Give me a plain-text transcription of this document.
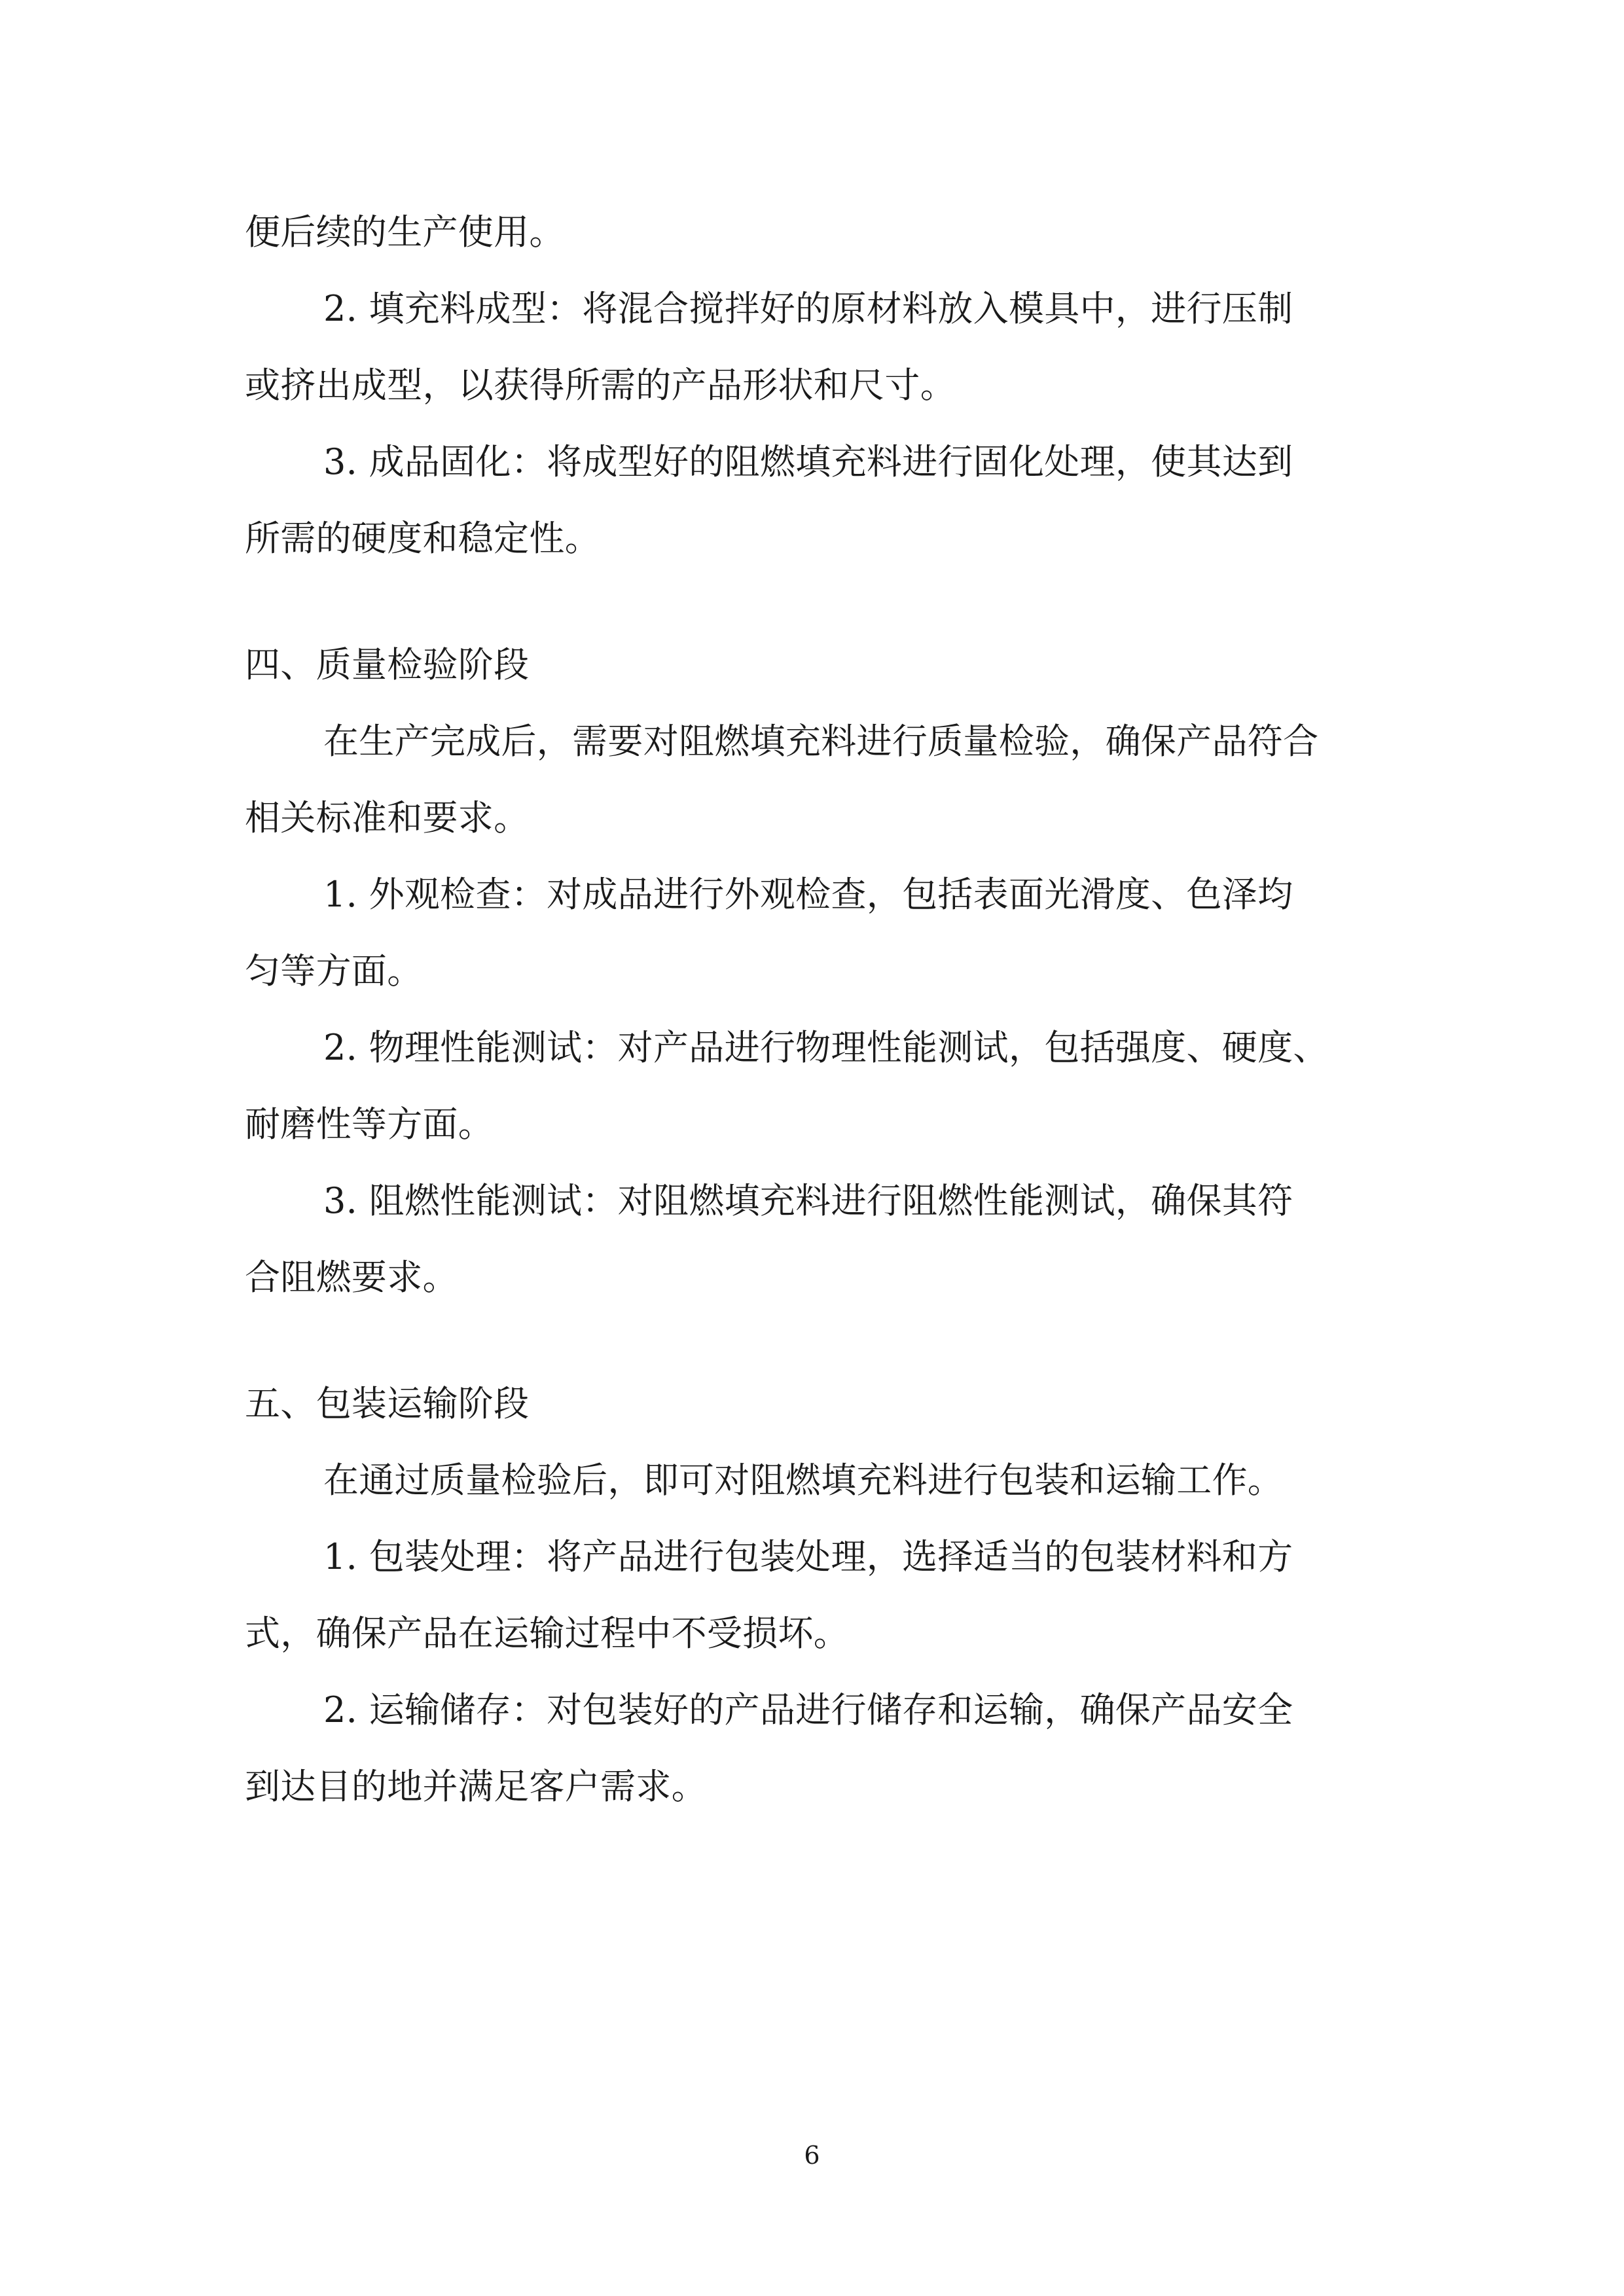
便后续的生产使用。
2. 填充料成型：将混合搅拌好的原材料放入模具中，进行压制
或挤出成型，以获得所需的产品形状和尺寸。
3. 成品固化：将成型好的阻燃填充料进行固化处理，使其达到
所需的硬度和稳定性。
四、质量检验阶段
在生产完成后，需要对阻燃填充料进行质量检验，确保产品符合
相关标准和要求。
1. 外观检查：对成品进行外观检查，包括表面光滑度、色泽均
匀等方面。
2. 物理性能测试：对产品进行物理性能测试，包括强度、硬度、
耐磨性等方面。
3. 阻燃性能测试：对阻燃填充料进行阻燃性能测试，确保其符
合阻燃要求。
五、包装运输阶段
在通过质量检验后，即可对阻燃填充料进行包装和运输工作。
1. 包装处理：将产品进行包装处理，选择适当的包装材料和方
式，确保产品在运输过程中不受损坏。
2. 运输储存：对包装好的产品进行储存和运输，确保产品安全
到达目的地并满足客户需求。
6
